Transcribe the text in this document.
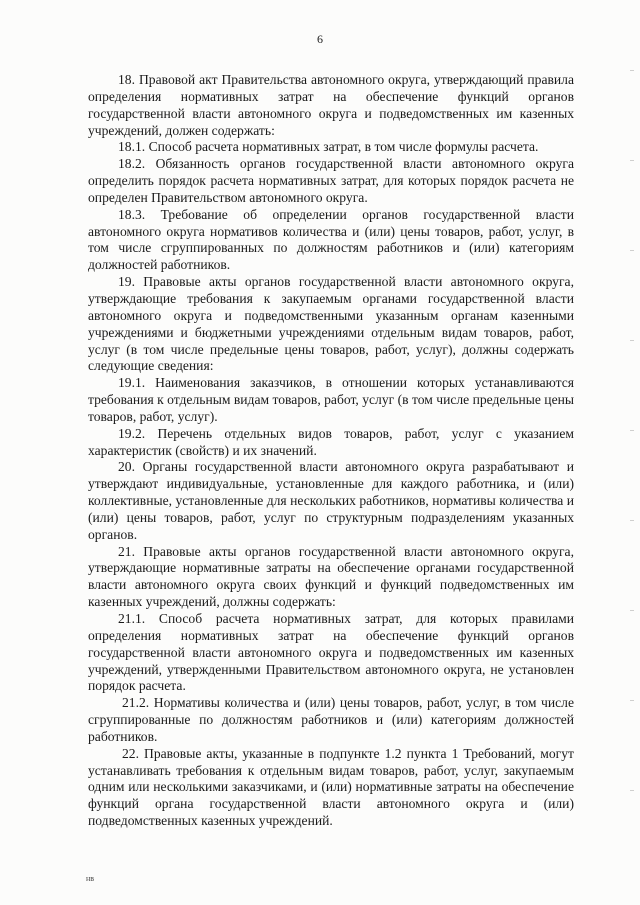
6

18. Правовой акт Правительства автономного округа, утверждающий правила определения нормативных затрат на обеспечение функций органов государственной власти автономного округа и подведомственных им казенных учреждений, должен содержать:

18.1. Способ расчета нормативных затрат, в том числе формулы расчета.

18.2. Обязанность органов государственной власти автономного округа определить порядок расчета нормативных затрат, для которых порядок расчета не определен Правительством автономного округа.

18.3. Требование об определении органов государственной власти автономного округа нормативов количества и (или) цены товаров, работ, услуг, в том числе сгруппированных по должностям работников и (или) категориям должностей работников.

19. Правовые акты органов государственной власти автономного округа, утверждающие требования к закупаемым органами государственной власти автономного округа и подведомственными указанным органам казенными учреждениями и бюджетными учреждениями отдельным видам товаров, работ, услуг (в том числе предельные цены товаров, работ, услуг), должны содержать следующие сведения:

19.1. Наименования заказчиков, в отношении которых устанавливаются требования к отдельным видам товаров, работ, услуг (в том числе предельные цены товаров, работ, услуг).

19.2. Перечень отдельных видов товаров, работ, услуг с указанием характеристик (свойств) и их значений.

20. Органы государственной власти автономного округа разрабатывают и утверждают индивидуальные, установленные для каждого работника, и (или) коллективные, установленные для нескольких работников, нормативы количества и (или) цены товаров, работ, услуг по структурным подразделениям указанных органов.

21. Правовые акты органов государственной власти автономного округа, утверждающие нормативные затраты на обеспечение органами государственной власти автономного округа своих функций и функций подведомственных им казенных учреждений, должны содержать:

21.1. Способ расчета нормативных затрат, для которых правилами определения нормативных затрат на обеспечение функций органов государственной власти автономного округа и подведомственных им казенных учреждений, утвержденными Правительством автономного округа, не установлен порядок расчета.

21.2. Нормативы количества и (или) цены товаров, работ, услуг, в том числе сгруппированные по должностям работников и (или) категориям должностей работников.

22. Правовые акты, указанные в подпункте 1.2 пункта 1 Требований, могут устанавливать требования к отдельным видам товаров, работ, услуг, закупаемым одним или несколькими заказчиками, и (или) нормативные затраты на обеспечение функций органа государственной власти автономного округа и (или) подведомственных казенных учреждений.

нв
